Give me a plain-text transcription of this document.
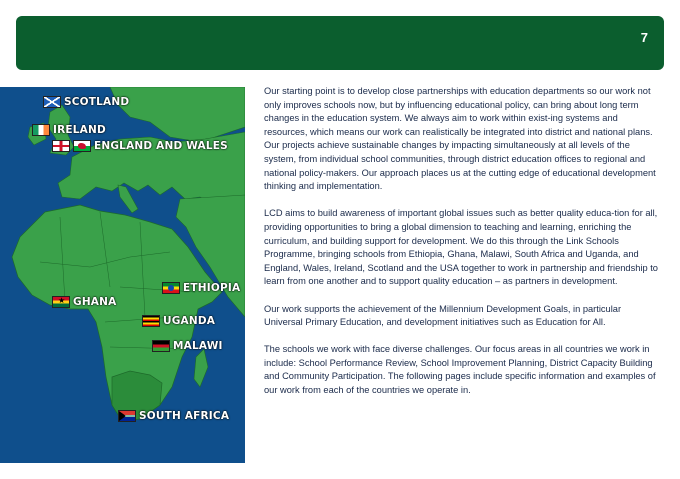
7
SCOTLAND
IRELAND
ENGLAND AND WALES
ETHIOPIA
★
GHANA
UGANDA
MALAWI
SOUTH AFRICA

Our starting point is to develop close partnerships with education departments so our work not only improves schools now, but by influencing educational policy, can bring about long term changes in the education system. We always aim to work within exist-ing systems and resources, which means our work can realistically be integrated into district and national plans. Our projects achieve sustainable changes by impacting simultaneously at all levels of the system, from individual school communities, through district education offices to regional and national policy-makers. Our approach places us at the cutting edge of educational development thinking and implementation.

LCD aims to build awareness of important global issues such as better quality educa-tion for all, providing opportunities to bring a global dimension to teaching and learning, enriching the curriculum, and building support for development. We do this through the Link Schools Programme, bringing schools from Ethiopia, Ghana, Malawi, South Africa and Uganda, and England, Wales, Ireland, Scotland and the USA together to work in partnership and friendship to learn from one another and to support quality education – as partners in development.

Our work supports the achievement of the Millennium Development Goals, in particular Universal Primary Education, and development initiatives such as Education for All.

The schools we work with face diverse challenges. Our focus areas in all countries we work in include: School Performance Review, School Improvement Planning, District Capacity Building and Community Participation. The following pages include specific information and examples of our work from each of the countries we operate in.
